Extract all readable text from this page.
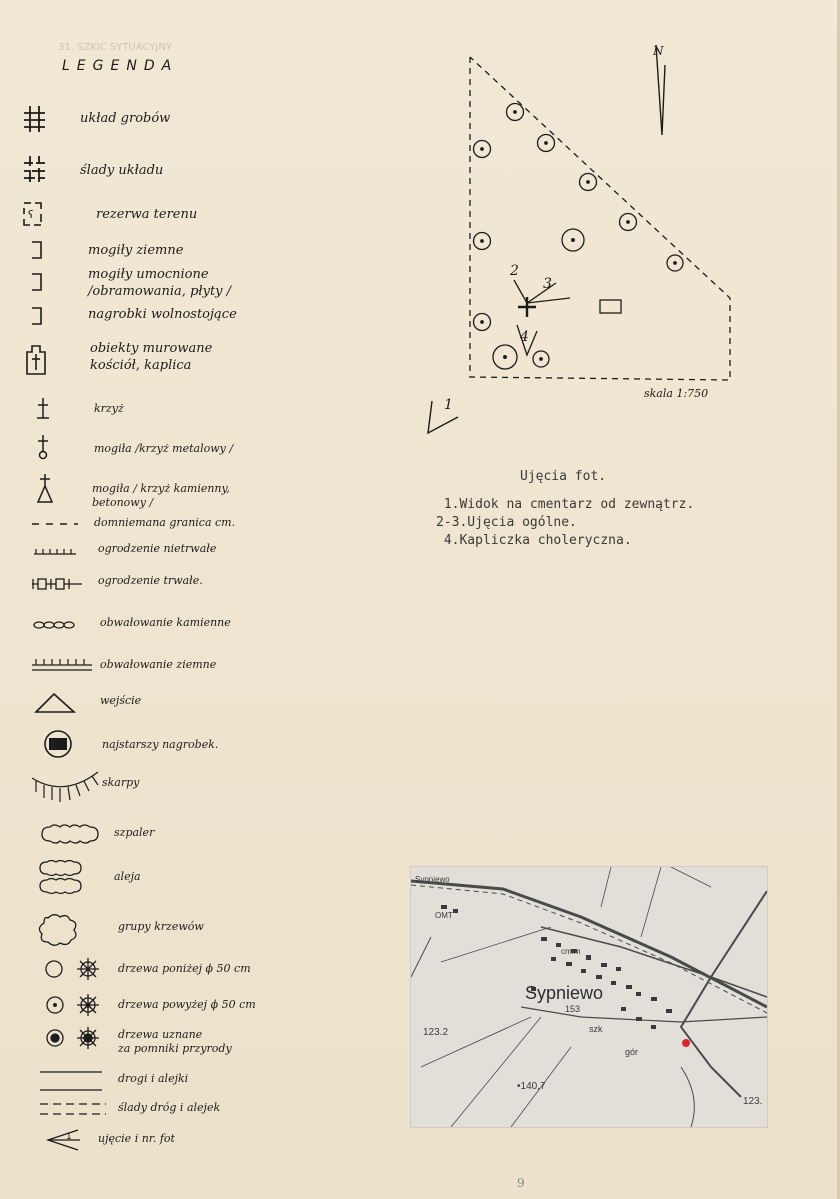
31. SZKIC SYTUACYJNY
LEGENDA
układ grobów
ślady układu
ʕ	rezerwa terenu
mogiły ziemne
mogiły umocnione
/obramowania, płyty /
nagrobki wolnostojące
obiekty murowane
kościół, kaplica
krzyż
mogiła /krzyż metalowy /
mogiła / krzyż kamienny,
betonowy /
domniemana granica cm.
ogrodzenie nietrwałe
ogrodzenie trwałe.
obwałowanie kamienne
obwałowanie ziemne
wejście
najstarszy nagrobek.
skarpy
szpaler
aleja
grupy krzewów
drzewa poniżej ϕ 50 cm
drzewa powyżej ϕ 50 cm
drzewa uznane
za pomniki przyrody
drogi i alejki
ślady dróg i alejek
1 ujęcie i nr. fot
N
1
2
3
4
skala 1:750
Ujęcia fot.
1.Widok na cmentarz od zewnątrz.
2-3.Ujęcia ogólne.
4.Kapliczka choleryczna.
Sypniewo
OMT
cm.m
Sypniewo
153
szk
gór
123.2
•140,7
123.
9
